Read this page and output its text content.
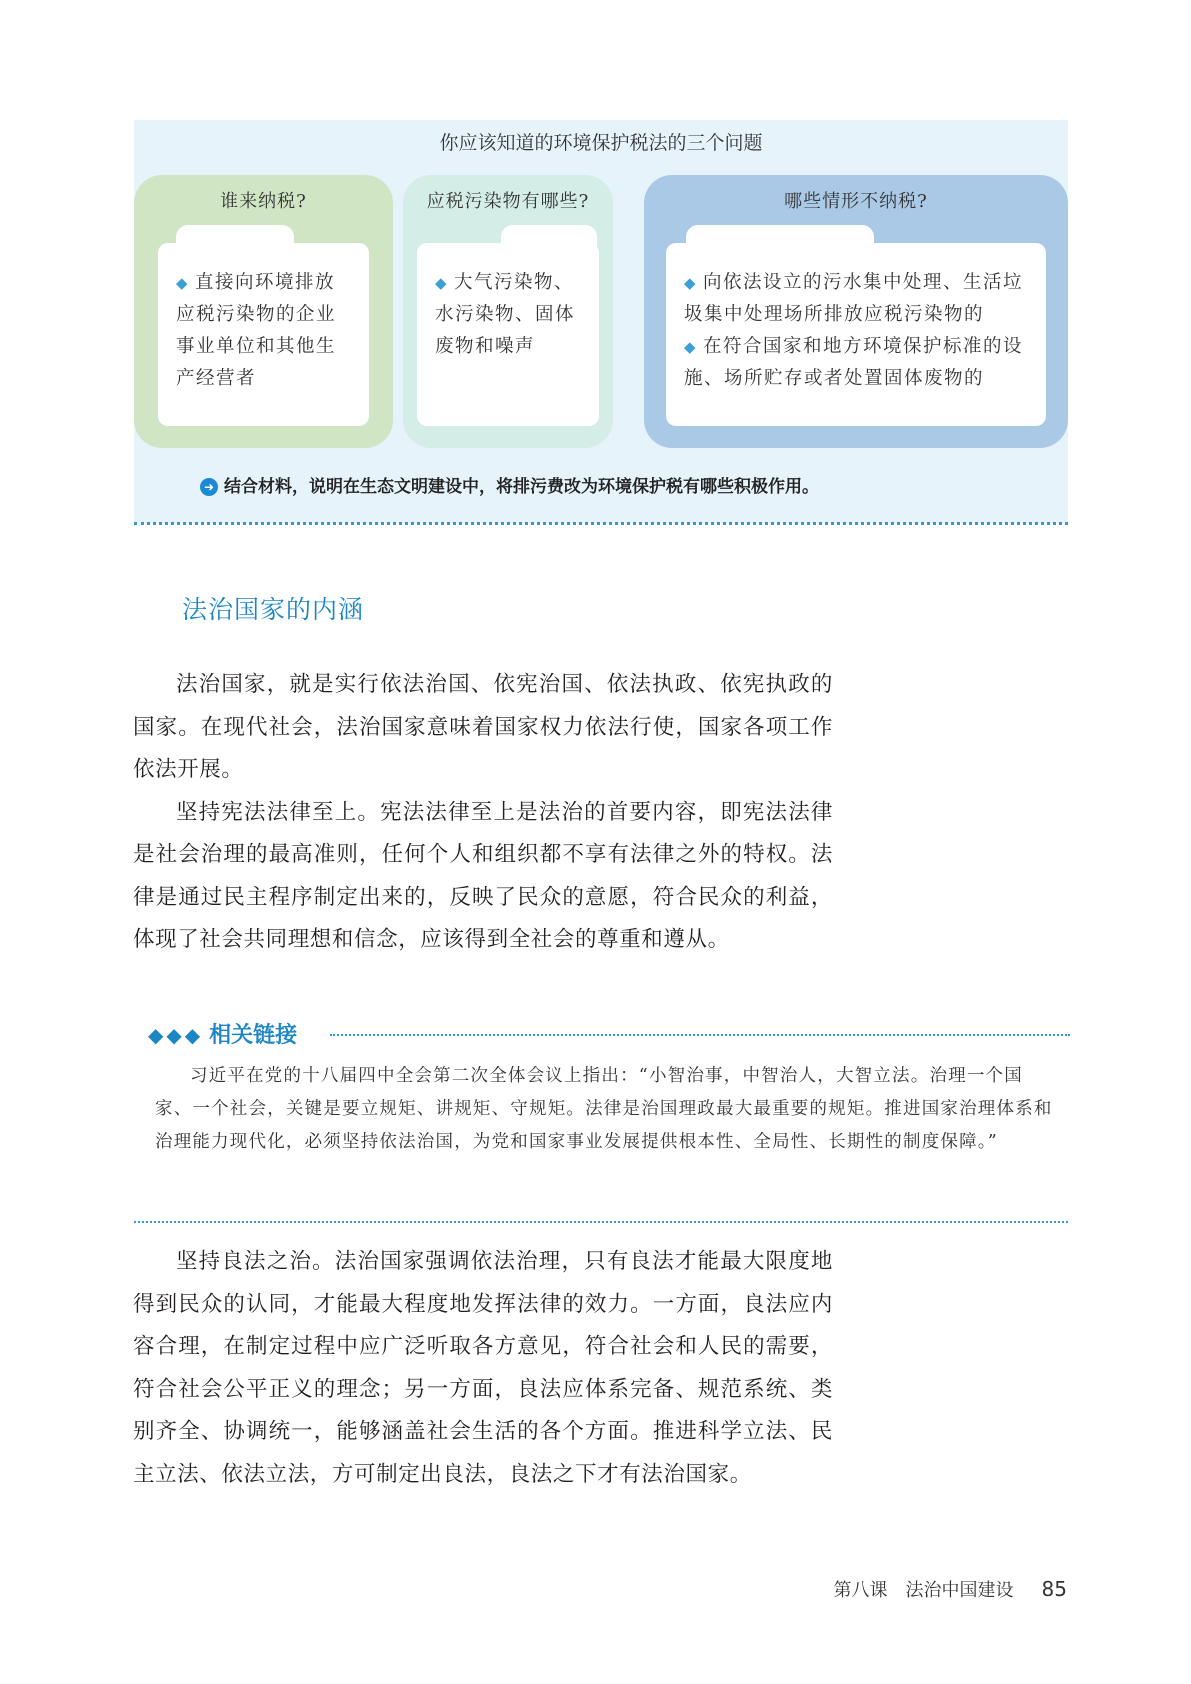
你应该知道的环境保护税法的三个问题
谁来纳税?
◆ 直接向环境排放应税污染物的企业事业单位和其他生产经营者
应税污染物有哪些?
◆ 大气污染物、水污染物、固体废物和噪声
哪些情形不纳税?
◆ 向依法设立的污水集中处理、生活垃圾集中处理场所排放应税污染物的
◆ 在符合国家和地方环境保护标准的设施、场所贮存或者处置固体废物的
➜ 结合材料，说明在生态文明建设中，将排污费改为环境保护税有哪些积极作用。
法治国家的内涵

法治国家，就是实行依法治国、依宪治国、依法执政、依宪执政的国家。在现代社会，法治国家意味着国家权力依法行使，国家各项工作依法开展。

坚持宪法法律至上。宪法法律至上是法治的首要内容，即宪法法律是社会治理的最高准则，任何个人和组织都不享有法律之外的特权。法律是通过民主程序制定出来的，反映了民众的意愿，符合民众的利益，体现了社会共同理想和信念，应该得到全社会的尊重和遵从。

◆◆◆ 相关链接

习近平在党的十八届四中全会第二次全体会议上指出：“小智治事，中智治人，大智立法。治理一个国家、一个社会，关键是要立规矩、讲规矩、守规矩。法律是治国理政最大最重要的规矩。推进国家治理体系和治理能力现代化，必须坚持依法治国，为党和国家事业发展提供根本性、全局性、长期性的制度保障。”

坚持良法之治。法治国家强调依法治理，只有良法才能最大限度地得到民众的认同，才能最大程度地发挥法律的效力。一方面，良法应内容合理，在制定过程中应广泛听取各方意见，符合社会和人民的需要，符合社会公平正义的理念；另一方面，良法应体系完备、规范系统、类别齐全、协调统一，能够涵盖社会生活的各个方面。推进科学立法、民主立法、依法立法，方可制定出良法，良法之下才有法治国家。

第八课　法治中国建设 85
